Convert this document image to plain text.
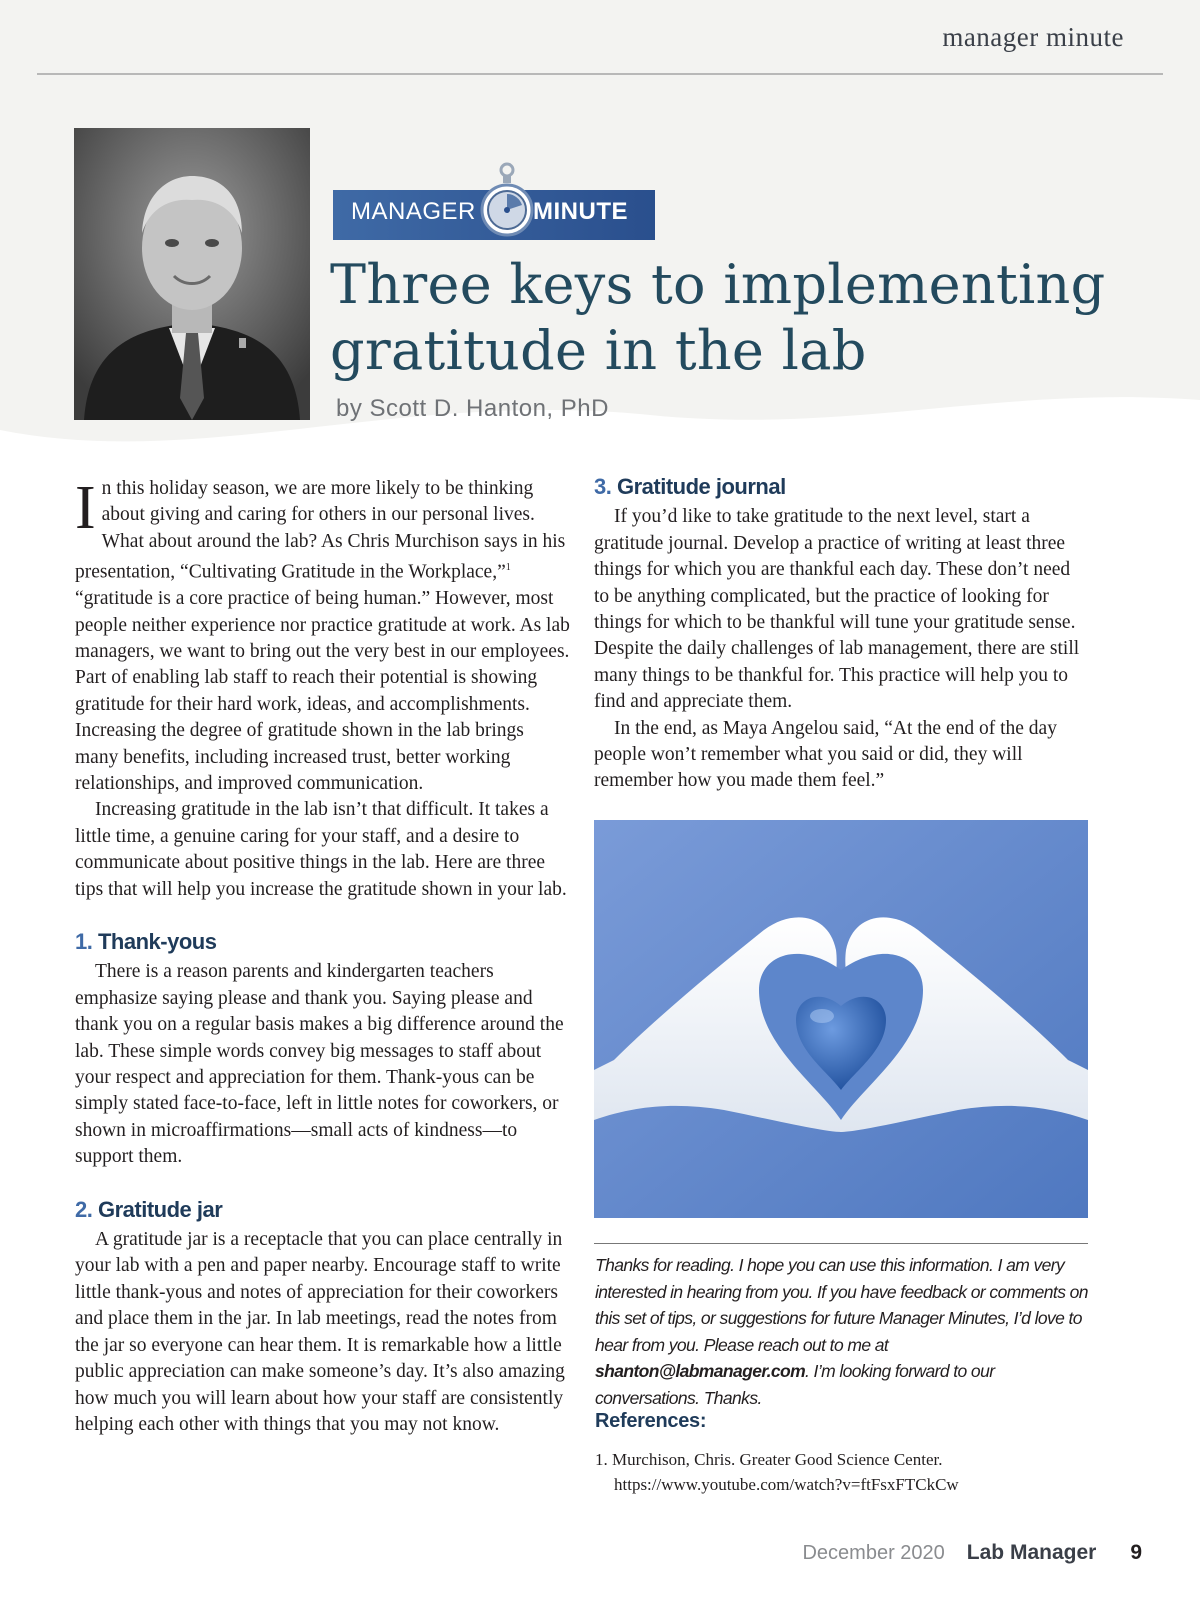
manager minute
MANAGER MINUTE
Three keys to implementing gratitude in the lab
by Scott D. Hanton, PhD

In this holiday season, we are more likely to be thinking about giving and caring for others in our personal lives. What about around the lab? As Chris Murchison says in his presentation, “Cultivating Gratitude in the Workplace,”$^1$ “gratitude is a core practice of being human.” However, most people neither experience nor practice gratitude at work. As lab managers, we want to bring out the very best in our employees. Part of enabling lab staff to reach their potential is showing gratitude for their hard work, ideas, and accomplishments. Increasing the degree of gratitude shown in the lab brings many benefits, including increased trust, better working relationships, and improved communication.

Increasing gratitude in the lab isn’t that difficult. It takes a little time, a genuine caring for your staff, and a desire to communicate about positive things in the lab. Here are three tips that will help you increase the gratitude shown in your lab.

1. Thank-yous

There is a reason parents and kindergarten teachers emphasize saying please and thank you. Saying please and thank you on a regular basis makes a big difference around the lab. These simple words convey big messages to staff about your respect and appreciation for them. Thank-yous can be simply stated face-to-face, left in little notes for coworkers, or shown in microaffirmations—small acts of kindness—to support them.

2. Gratitude jar

A gratitude jar is a receptacle that you can place centrally in your lab with a pen and paper nearby. Encourage staff to write little thank-yous and notes of appreciation for their coworkers and place them in the jar. In lab meetings, read the notes from the jar so everyone can hear them. It is remarkable how a little public appreciation can make someone’s day. It’s also amazing how much you will learn about how your staff are consistently helping each other with things that you may not know.

3. Gratitude journal

If you’d like to take gratitude to the next level, start a gratitude journal. Develop a practice of writing at least three things for which you are thankful each day. These don’t need to be anything complicated, but the practice of looking for things for which to be thankful will tune your gratitude sense. Despite the daily challenges of lab management, there are still many things to be thankful for. This practice will help you to find and appreciate them.

In the end, as Maya Angelou said, “At the end of the day people won’t remember what you said or did, they will remember how you made them feel.”

Thanks for reading. I hope you can use this information. I am very interested in hearing from you. If you have feedback or comments on this set of tips, or suggestions for future Manager Minutes, I’d love to hear from you. Please reach out to me at shanton@labmanager.com. I’m looking forward to our conversations. Thanks.
References:
1. Murchison, Chris. Greater Good Science Center. https://www.youtube.com/watch?v=ftFsxFTCkCw
December 2020 Lab Manager 9
